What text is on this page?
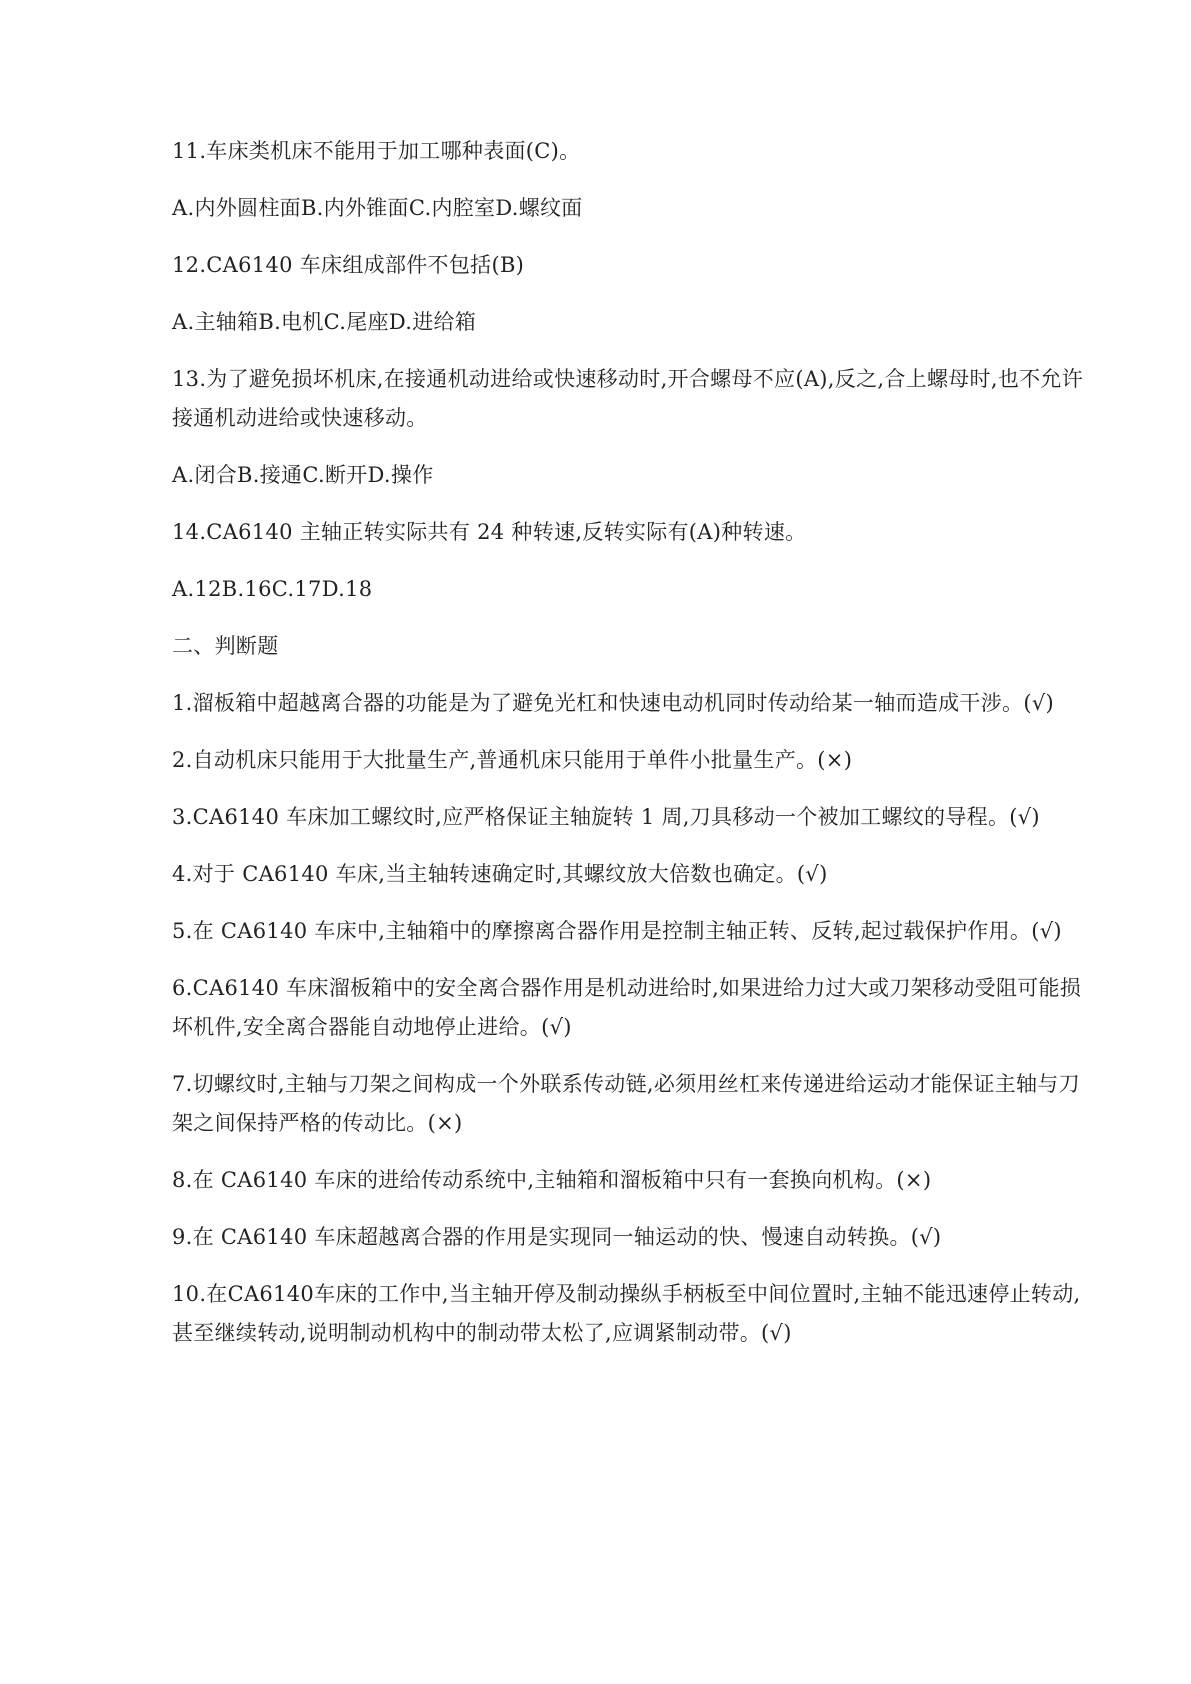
11.车床类机床不能用于加工哪种表面(C)。

A.内外圆柱面B.内外锥面C.内腔室D.螺纹面

12.CA6140 车床组成部件不包括(B)

A.主轴箱B.电机C.尾座D.进给箱

13.为了避免损坏机床,在接通机动进给或快速移动时,开合螺母不应(A),反之,合上螺母时,也不允许接通机动进给或快速移动。

A.闭合B.接通C.断开D.操作

14.CA6140 主轴正转实际共有 24 种转速,反转实际有(A)种转速。

A.12B.16C.17D.18

二、判断题

1.溜板箱中超越离合器的功能是为了避免光杠和快速电动机同时传动给某一轴而造成干涉。(√)

2.自动机床只能用于大批量生产,普通机床只能用于单件小批量生产。(×)

3.CA6140 车床加工螺纹时,应严格保证主轴旋转 1 周,刀具移动一个被加工螺纹的导程。(√)

4.对于 CA6140 车床,当主轴转速确定时,其螺纹放大倍数也确定。(√)

5.在 CA6140 车床中,主轴箱中的摩擦离合器作用是控制主轴正转、反转,起过载保护作用。(√)

6.CA6140 车床溜板箱中的安全离合器作用是机动进给时,如果进给力过大或刀架移动受阻可能损坏机件,安全离合器能自动地停止进给。(√)

7.切螺纹时,主轴与刀架之间构成一个外联系传动链,必须用丝杠来传递进给运动才能保证主轴与刀架之间保持严格的传动比。(×)

8.在 CA6140 车床的进给传动系统中,主轴箱和溜板箱中只有一套换向机构。(×)

9.在 CA6140 车床超越离合器的作用是实现同一轴运动的快、慢速自动转换。(√)

10.在CA6140车床的工作中,当主轴开停及制动操纵手柄板至中间位置时,主轴不能迅速停止转动,甚至继续转动,说明制动机构中的制动带太松了,应调紧制动带。(√)
